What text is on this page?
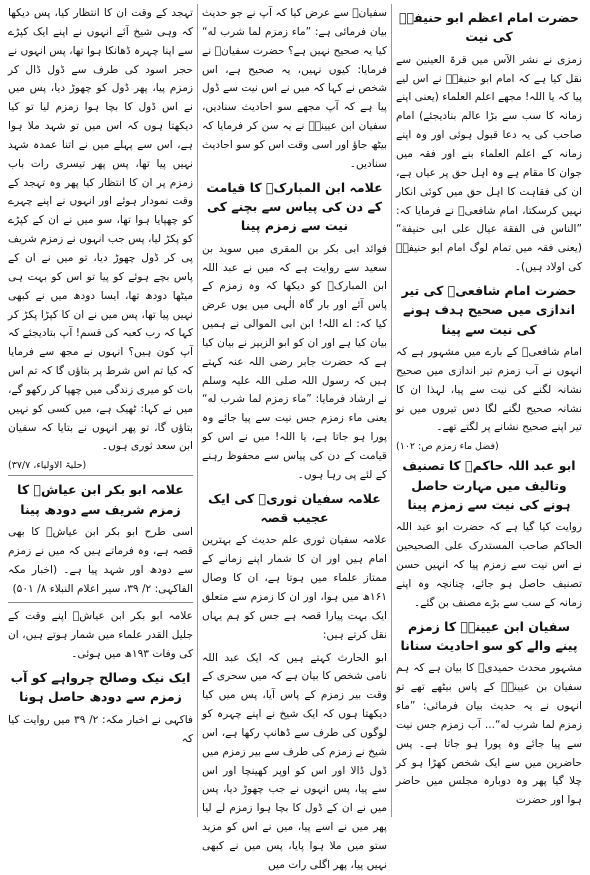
حضرت امام اعظم ابو حنیفہؒ کی نیت

زمزی نے نشر الآس میں قرۃ العینین سے نقل کیا ہے کہ امام ابو حنیفہؒ نے اس لیے پیا کہ یا اللہ! مجھے اعلم العلماء (یعنی اپنے زمانہ کا سب سے بڑا عالم بنادیجئے) امام صاحب کی یہ دعا قبول ہوئی اور وہ اپنے زمانہ کے اعلم العلماء بنے اور فقہ میں جوان کا مقام ہے وہ اہل حق پر عیاں ہے، ان کی فقاہت کا اہل حق میں کوئی انکار نہیں کرسکتا، امام شافعیؒ نے فرمایا کہ: ”الناس فی الفقة عیال علی ابی حنیفة“ (یعنی فقہ میں تمام لوگ امام ابو حنیفہؒ کی اولاد ہیں)۔

حضرت امام شافعیؒ کی تیر اندازی میں صحیح ہدف ہونے کی نیت سے پینا

امام شافعیؒ کے بارے میں مشہور ہے کہ انہوں نے آب زمزم تیر اندازی میں صحیح نشانہ لگنے کی نیت سے پیا، لہذا ان کا نشانہ صحیح لگنے لگا دس تیروں میں نو تیر اپنے صحیح نشانے پر لگتے تھے۔

(فضل ماء زمزم ص: ۱۰۲)

ابو عبد اللہ حاکمؒ کا تصنیف وتالیف میں مہارت حاصل ہونے کی نیت سے زمزم پینا

روایت کیا گیا ہے کہ حضرت ابو عبد اللہ الحاکم صاحب المستدرک علی الصحیحین نے اس نیت سے زمزم پیا کہ انہیں حسن تصنیف حاصل ہو جائے، چنانچہ وہ اپنے زمانہ کے سب سے بڑے مصنف بن گئے۔

سفیان ابن عیینہؒ کا زمزم پینے والے کو سو احادیث سنانا

مشہور محدث حمیدیؒ کا بیان ہے کہ ہم سفیان بن عیینہؒ کے پاس بیٹھے تھے تو انہوں نے یہ حدیث بیان فرمائی: ”ماء زمزم لما شرب له“... آب زمزم جس نیت سے پیا جائے وہ پورا ہو جاتا ہے۔ پس حاضرین میں سے ایک شخص کھڑا ہو کر چلا گیا پھر وہ دوبارہ مجلس میں حاضر ہوا اور حضرت

سفیانؒ سے عرض کیا کہ آپ نے جو حدیث بیان فرمائی ہے: ”ماء زمزم لما شرب له“ کیا یہ صحیح نہیں ہے؟ حضرت سفیانؒ نے فرمایا: کیوں نہیں، یہ صحیح ہے، اس شخص نے کہا کہ میں نے اس نیت سے ڈول پیا ہے کہ آپ مجھے سو احادیث سنادیں، سفیان ابن عیینہؒ نے یہ سن کر فرمایا کہ بیٹھ جاؤ اور اسی وقت اس کو سو احادیث سنادیں۔

علامہ ابن المبارکؒ کا قیامت کے دن کی پیاس سے بچنے کی نیت سے زمزم پینا

فوائد ابی بکر بن المقری میں سوید بن سعید سے روایت ہے کہ میں نے عبد اللہ ابن المبارکؒ کو دیکھا کہ وہ زمزم کے پاس آئے اور بار گاہ الٰہی میں یوں عرض کیا کہ: اے اللہ! ابن ابی الموالی نے ہمیں بیان کیا ہے اور ان کو ابو الزبیر نے بیان کیا ہے کہ حضرت جابر رضی اللہ عنہ کہتے ہیں کہ رسول اللہ صلی اللہ علیہ وسلم نے ارشاد فرمایا: ”ماء زمزم لما شرب له“ یعنی ماء زمزم جس نیت سے پیا جائے وہ پورا ہو جاتا ہے، یا اللہ! میں نے اس کو قیامت کے دن کی پیاس سے محفوظ رہنے کے لئے پی رہا ہوں۔

علامہ سفیان ثوریؒ کی ایک عجیب قصہ

علامہ سفیان ثوری علم حدیث کے بہترین امام ہیں اور ان کا شمار اپنے زمانے کے ممتاز علماء میں ہوتا ہے، ان کا وصال ۱۶۱ھ میں ہوا، اور ان کا زمزم سے متعلق ایک بہت پیارا قصہ ہے جس کو ہم یہاں نقل کرتے ہیں:

ابو الحارث کہتے ہیں کہ ایک عبد اللہ نامی شخص کا بیان ہے کہ میں سحری کے وقت بیر زمزم کے پاس آیا، پس میں کیا دیکھتا ہوں کہ ایک شیخ نے اپنے چہرہ کو لوگوں کی طرف سے ڈھانپ رکھا ہے، اس شیخ نے زمزم کی طرف سے بیر زمزم میں ڈول ڈالا اور اس کو اوپر کھینچا اور اس سے پیا، پس انہوں نے جب چھوڑ دیا، پس میں نے ان کے ڈول کا بچا ہوا زمزم لے لیا پھر میں نے اسے پیا، میں نے اس کو مزید ستو میں ملا ہوا پایا، پس میں نے کبھی نہیں پیا، پھر اگلی رات میں

تہجد کے وقت ان کا انتظار کیا، پس دیکھا کہ وہی شیخ آئے انہوں نے اپنے ایک کپڑے سے اپنا چہرہ ڈھانکا ہوا تھا، پس انہوں نے حجر اسود کی طرف سے ڈول ڈال کر زمزم پیا، پھر ڈول کو چھوڑ دیا، پس میں نے اس ڈول کا بچا ہوا زمزم لیا تو کیا دیکھتا ہوں کہ اس میں تو شہد ملا ہوا ہے، اس سے پہلے میں نے اتنا عمدہ شہد نہیں پیا تھا، پس پھر تیسری رات باب زمزم پر ان کا انتظار کیا پھر وہ تہجد کے وقت نمودار ہوئے اور انہوں نے اپنے چہرے کو چھپایا ہوا تھا، سو میں نے ان کے کپڑے کو پکڑ لیا، پس جب انہوں نے زمزم شریف پی کر ڈول چھوڑ دیا، تو میں نے ان کے پاس بچے ہوئے کو پیا تو اس کو بہت ہی میٹھا دودھ تھا، ایسا دودھ میں نے کبھی نہیں پیا تھا، پس میں نے ان کا کپڑا پکڑ کر کہا کہ رب کعبہ کی قسم! آپ بتادیجئے کہ آپ کون ہیں؟ انہوں نے مجھ سے فرمایا کہ کیا تم اس شرط پر بتاؤں گا کہ تم اس بات کو میری زندگی میں چھپا کر رکھو گے، میں نے کہا: ٹھیک ہے، میں کسی کو نہیں بتاؤں گا، تو پھر انہوں نے بتایا کہ سفیان ابن سعد ثوری ہوں۔

(حلیۃ الاولیاء، ۳۷/۷)

علامہ ابو بکر ابن عیاشؒ کا زمزم شریف سے دودھ پینا

اسی طرح ابو بکر ابن عیاشؒ کا بھی قصہ ہے، وہ فرماتے ہیں کہ میں نے زمزم سے دودھ اور شہد پیا ہے۔ (اخبار مکہ الفاکہی: ۲/ ۳۹، سیر اعلام النبلاء ۸/ ۵۰۱)

علامہ ابو بکر ابن عیاشؒ اپنے وقت کے جلیل القدر علماء میں شمار ہوتے ہیں، ان کی وفات ۱۹۳ھ میں ہوئی۔

ایک نیک وصالح چرواہے کو آب زمزم سے دودھ حاصل ہونا

فاکہی نے اخبار مکہ: ۲/ ۳۹ میں روایت کیا کہ
